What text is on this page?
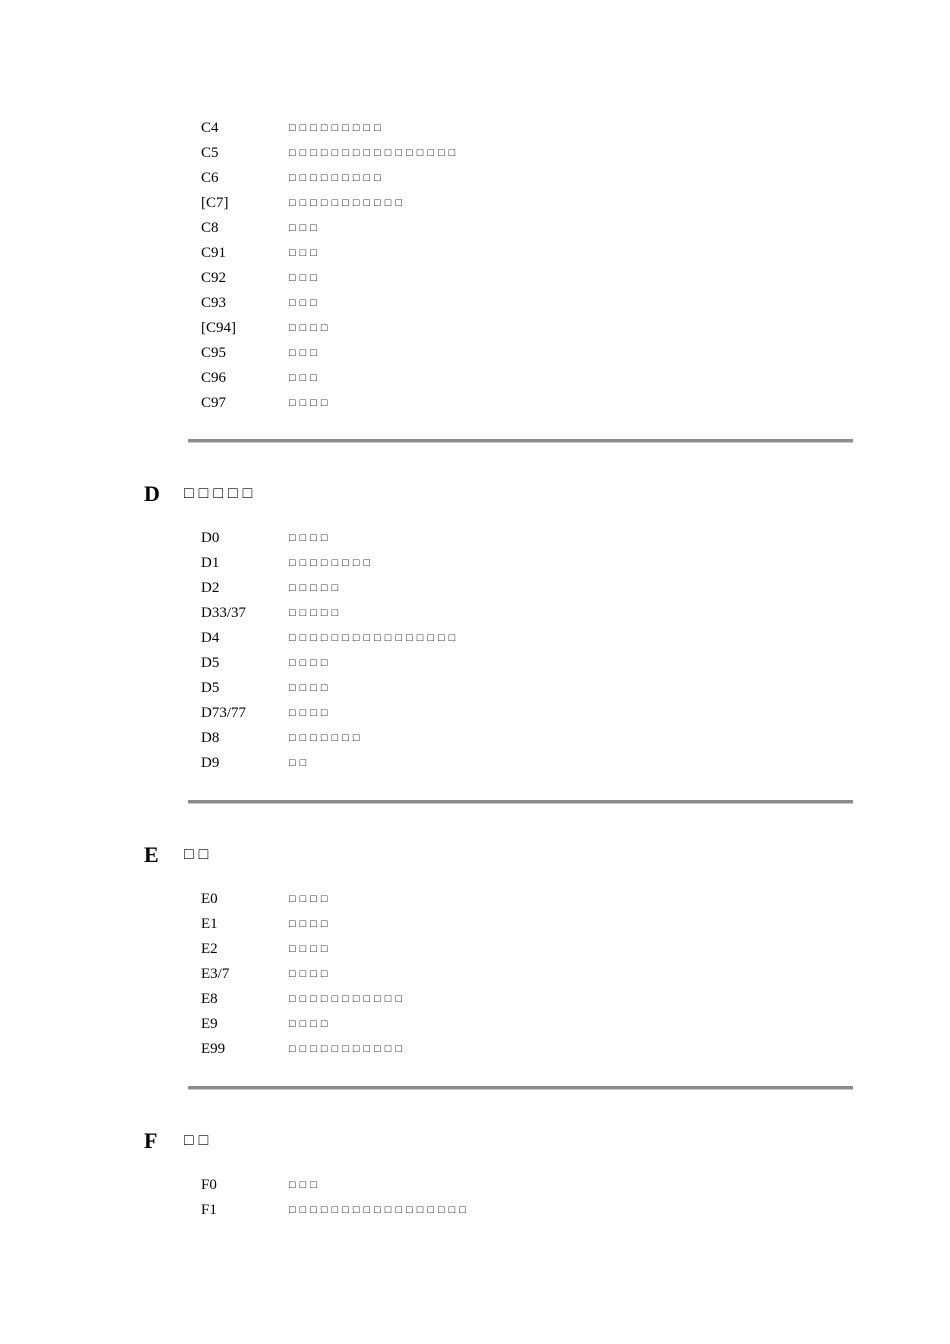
C4	□□□□□□□□□
C5	□□□□□□□□□□□□□□□□
C6	□□□□□□□□□
[C7]	□□□□□□□□□□□
C8	□□□
C91	□□□
C92	□□□
C93	□□□
[C94]	□□□□
C95	□□□
C96	□□□
C97	□□□□
D □□□□□
D0	□□□□
D1	□□□□□□□□
D2	□□□□□
D33/37	□□□□□
D4	□□□□□□□□□□□□□□□□
D5	□□□□
D5	□□□□
D73/77	□□□□
D8	□□□□□□□
D9	□□
E □□
E0	□□□□
E1	□□□□
E2	□□□□
E3/7	□□□□
E8	□□□□□□□□□□□
E9	□□□□
E99	□□□□□□□□□□□
F □□
F0	□□□
F1	□□□□□□□□□□□□□□□□□
